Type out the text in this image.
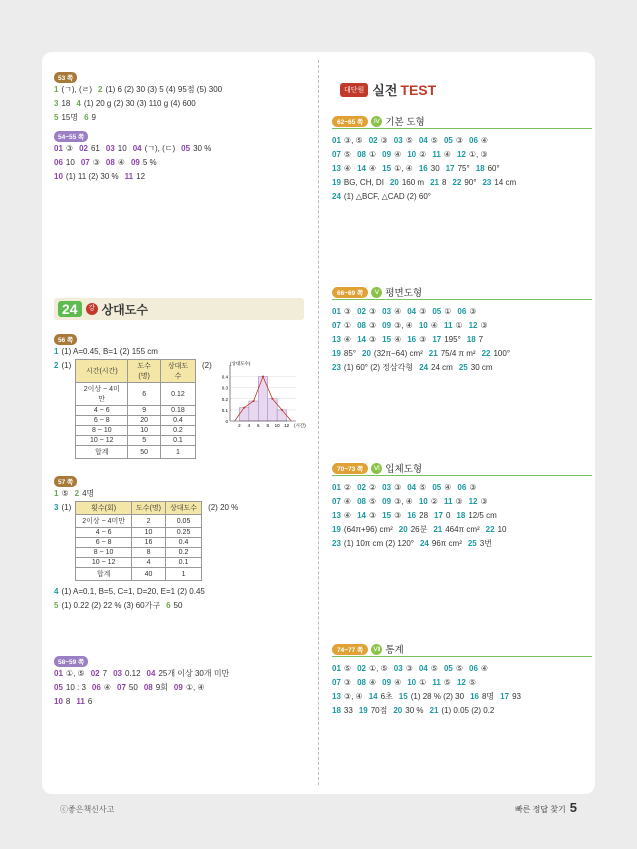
53 쪽
1 (ㄱ), (ㄹ) 2 (1) 6 (2) 30 (3) 5 (4) 95점 (5) 300
3 18 4 (1) 20 g (2) 30 (3) 110 g (4) 600
5 15명 6 9
54~55 쪽
01 ③ 02 61 03 10 04 (ㄱ), (ㄷ) 05 30 %
06 10 07 ③ 08 ④ 09 5 %
10 (1) 11 (2) 30 % 11 12
24	강 상대도수
56 쪽
1 (1) A=0.45, B=1 (2) 155 cm
2 (1)
시간(시간)	도수(명)	상대도수
2이상 ~ 4미만	6	0.12
4 ~ 6	9	0.18
6 ~ 8	20	0.4
8 ~ 10	10	0.2
10 ~ 12	5	0.1
합계	50	1
(2)
0.4
0.3
0.2
0.1
0
2 4 6 8 10 12
(상대도수)
(시간)
57 쪽
1 ⑤ 2 4명
3 (1)	횟수(회)	도수(명)	상대도수
2이상 ~ 4미만	2	0.05
4 ~ 6	10	0.25
6 ~ 8	16	0.4
8 ~ 10	8	0.2
10 ~ 12	4	0.1
합계	40	1
(2) 20 %
4 (1) A=0.1, B=5, C=1, D=20, E=1 (2) 0.45
5 (1) 0.22 (2) 22 % (3) 60가구 6 50
58~59 쪽
01 ①, ⑤ 02 7 03 0.12 04 25개 이상 30개 미만
05 10 : 3 06 ④ 07 50 08 9회 09 ①, ④
10 8 11 6
대단원 실전 TEST
62~65 쪽	Ⅳ 기본 도형
01 ③, ⑤ 02 ③ 03 ⑤ 04 ⑤ 05 ③ 06 ④
07 ⑤ 08 ① 09 ④ 10 ② 11 ④ 12 ①, ③
13 ④ 14 ④ 15 ①, ④ 16 30 17 75° 18 60°
19 BG, CH, DI 20 160 m 21 8 22 90° 23 14 cm
24 (1) △BCF, △CAD (2) 60°
66~69 쪽	Ⅴ 평면도형
01 ③ 02 ③ 03 ④ 04 ③ 05 ① 06 ③
07 ① 08 ③ 09 ③, ④ 10 ④ 11 ① 12 ③
13 ④ 14 ③ 15 ④ 16 ③ 17 195° 18 7
19 85° 20 (32π−64) cm² 21 75/4 π m² 22 100°
23 (1) 60° (2) 정삼각형 24 24 cm 25 30 cm
70~73 쪽	Ⅵ 입체도형
01 ② 02 ② 03 ③ 04 ⑤ 05 ④ 06 ③
07 ④ 08 ⑤ 09 ③, ④ 10 ② 11 ③ 12 ③
13 ④ 14 ③ 15 ③ 16 28 17 0 18 12/5 cm
19 (64π+96) cm² 20 26분 21 464π cm² 22 10
23 (1) 10π cm (2) 120° 24 96π cm² 25 3번
74~77 쪽	Ⅶ 통계
01 ⑤ 02 ①, ⑤ 03 ③ 04 ⑤ 05 ⑤ 06 ④
07 ③ 08 ④ 09 ④ 10 ① 11 ⑤ 12 ⑤
13 ③, ④ 14 6초 15 (1) 28 % (2) 30 16 8명 17 93
18 33 19 70점 20 30 % 21 (1) 0.05 (2) 0.2
ⓒ좋은책신사고	빠른 정답 찾기 5
